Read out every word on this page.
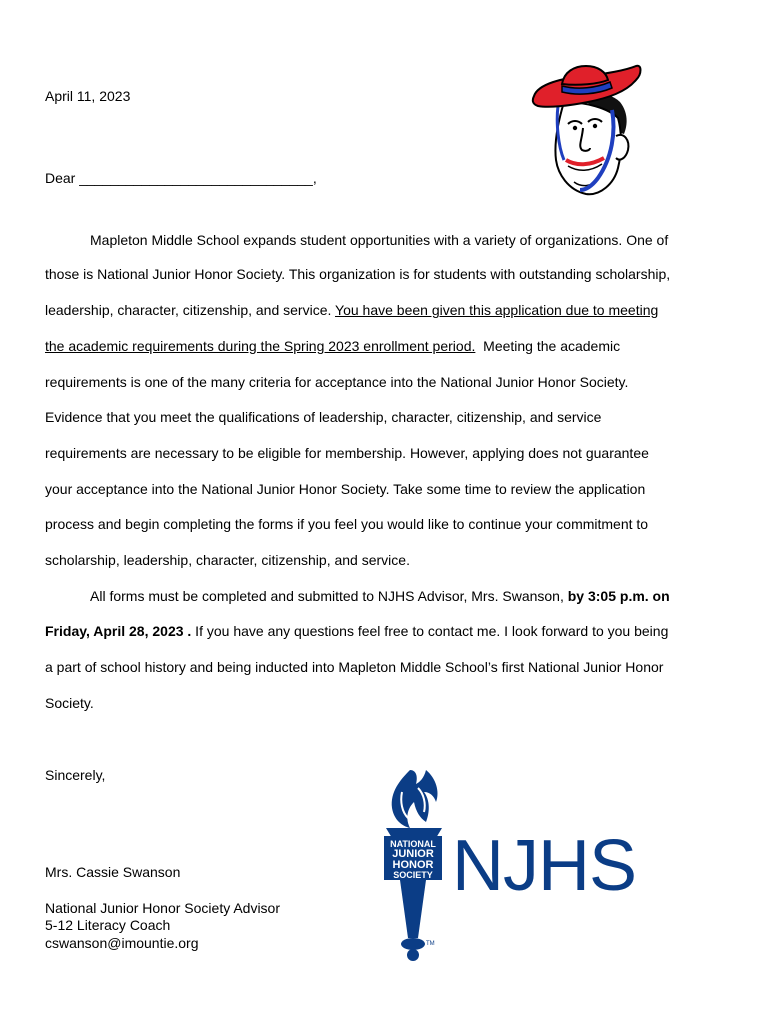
April 11, 2023
Dear ______________________________,
Mapleton Middle School expands student opportunities with a variety of organizations. One of
those is National Junior Honor Society. This organization is for students with outstanding scholarship,
leadership, character, citizenship, and service. You have been given this application due to meeting
the academic requirements during the Spring 2023 enrollment period.  Meeting the academic
requirements is one of the many criteria for acceptance into the National Junior Honor Society.
Evidence that you meet the qualifications of leadership, character, citizenship, and service
requirements are necessary to be eligible for membership. However, applying does not guarantee
your acceptance into the National Junior Honor Society. Take some time to review the application
process and begin completing the forms if you feel you would like to continue your commitment to
scholarship, leadership, character, citizenship, and service.
All forms must be completed and submitted to NJHS Advisor, Mrs. Swanson, by 3:05 p.m. on
Friday, April 28, 2023 . If you have any questions feel free to contact me. I look forward to you being
a part of school history and being inducted into Mapleton Middle School’s first National Junior Honor
Society.
Sincerely,
Mrs. Cassie Swanson
National Junior Honor Society Advisor
5-12 Literacy Coach
cswanson@imountie.org
NATIONAL
JUNIOR
HONOR
SOCIETY
TM
NJHS
